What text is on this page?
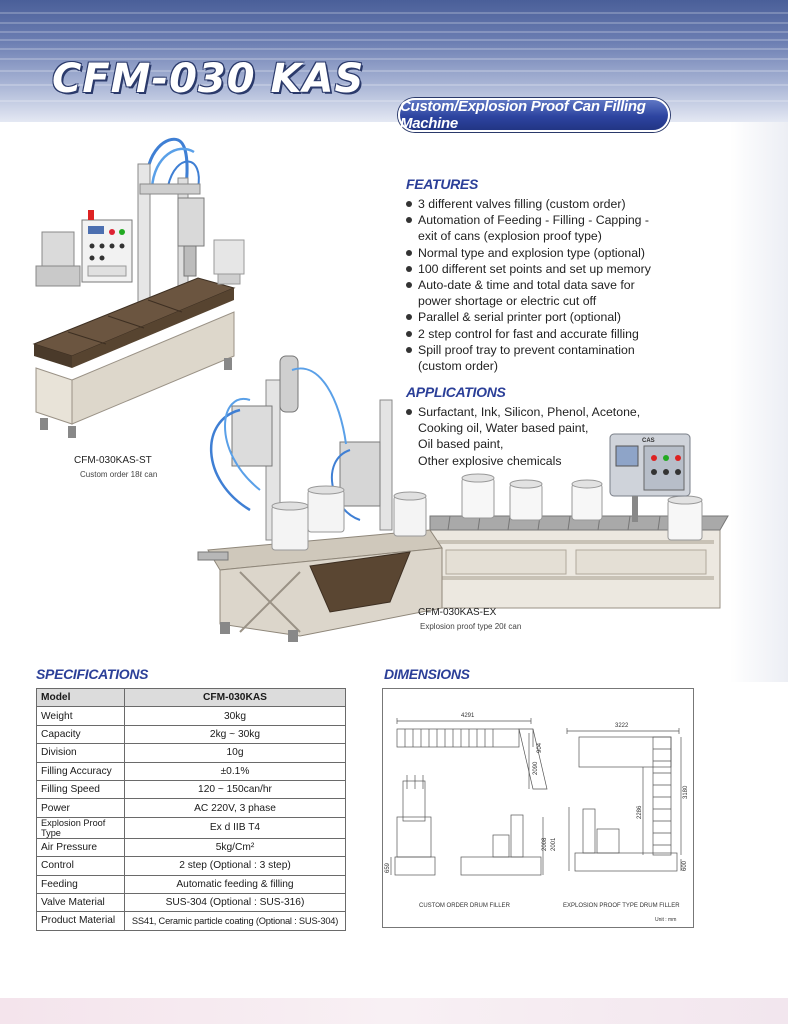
CFM-030 KAS
Custom/Explosion Proof Can Filling Machine
CFM-030KAS-ST
Custom order 18ℓ can
FEATURES
3 different valves filling (custom order)
Automation of Feeding - Filling - Capping -
exit of cans (explosion proof type)
Normal type and explosion type (optional)
100 different set points and set up memory
Auto-date & time and total data save for
power shortage or electric cut off
Parallel & serial printer port (optional)
2 step control for fast and accurate filling
Spill proof tray to prevent contamination
(custom order)
APPLICATIONS
Surfactant, Ink, Silicon, Phenol, Acetone,
Cooking oil, Water based paint,
Oil based paint,
Other explosive chemicals
CAS
CFM-030KAS-EX
Explosion proof type 20ℓ can
SPECIFICATIONS
Model	CFM-030KAS
Weight	30kg
Capacity	2kg ~ 30kg
Division	10g
Filling Accuracy	±0.1%
Filling Speed	120 ~ 150can/hr
Power	AC 220V, 3 phase
Explosion Proof Type	Ex d IIB T4
Air Pressure	5kg/Cm²
Control	2 step (Optional : 3 step)
Feeding	Automatic feeding & filling
Valve Material	SUS-304 (Optional : SUS-316)
Product Material	SS41, Ceramic particle coating (Optional : SUS-304)
DIMENSIONS
4291
904
2090
2008 2001
659
3222
3180
2286
600
CUSTOM ORDER DRUM FILLER	EXPLOSION PROOF TYPE DRUM FILLER
Unit : mm
